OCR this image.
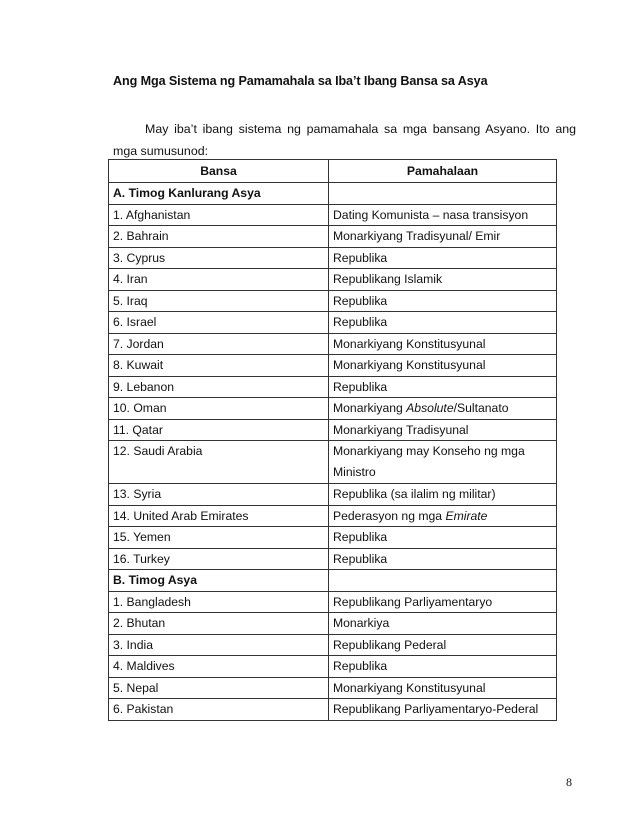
Ang Mga Sistema ng Pamamahala sa Iba’t Ibang Bansa sa Asya
May iba’t ibang sistema ng pamamahala sa mga bansang Asyano. Ito ang mga sumusunod:
Bansa	Pamahalaan
A. Timog Kanlurang Asya	
1. Afghanistan	Dating Komunista – nasa transisyon
2. Bahrain	Monarkiyang Tradisyunal/ Emir
3. Cyprus	Republika
4. Iran	Republikang Islamik
5. Iraq	Republika
6. Israel	Republika
7. Jordan	Monarkiyang Konstitusyunal
8. Kuwait	Monarkiyang Konstitusyunal
9. Lebanon	Republika
10. Oman	Monarkiyang Absolute/Sultanato
11. Qatar	Monarkiyang Tradisyunal
12. Saudi Arabia	Monarkiyang may Konseho ng mga Ministro
13. Syria	Republika (sa ilalim ng militar)
14. United Arab Emirates	Pederasyon ng mga Emirate
15. Yemen	Republika
16. Turkey	Republika
B. Timog Asya	
1. Bangladesh	Republikang Parliyamentaryo
2. Bhutan	Monarkiya
3. India	Republikang Pederal
4. Maldives	Republika
5. Nepal	Monarkiyang Konstitusyunal
6. Pakistan	Republikang Parliyamentaryo-Pederal
8
